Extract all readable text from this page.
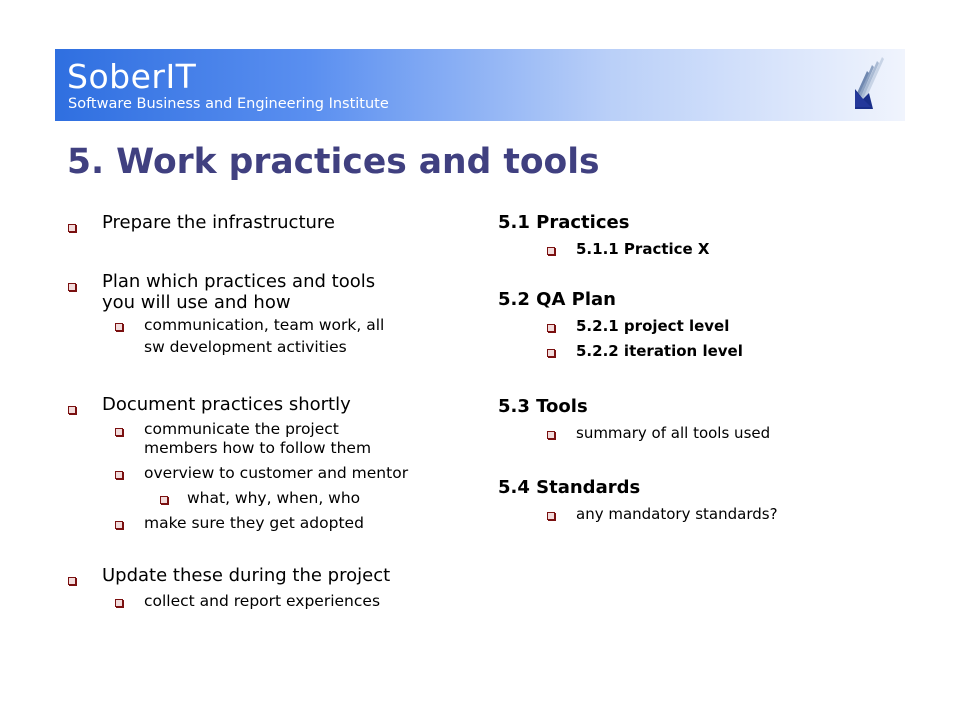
SoberIT
Software Business and Engineering Institute
5. Work practices and tools
Prepare the infrastructure
Plan which practices and tools
you will use and how
communication, team work, all
sw development activities
Document practices shortly
communicate the project
members how to follow them
overview to customer and mentor
what, why, when, who
make sure they get adopted
Update these during the project
collect and report experiences
5.1 Practices
5.1.1 Practice X
5.2 QA Plan
5.2.1 project level
5.2.2 iteration level
5.3 Tools
summary of all tools used
5.4 Standards
any mandatory standards?
